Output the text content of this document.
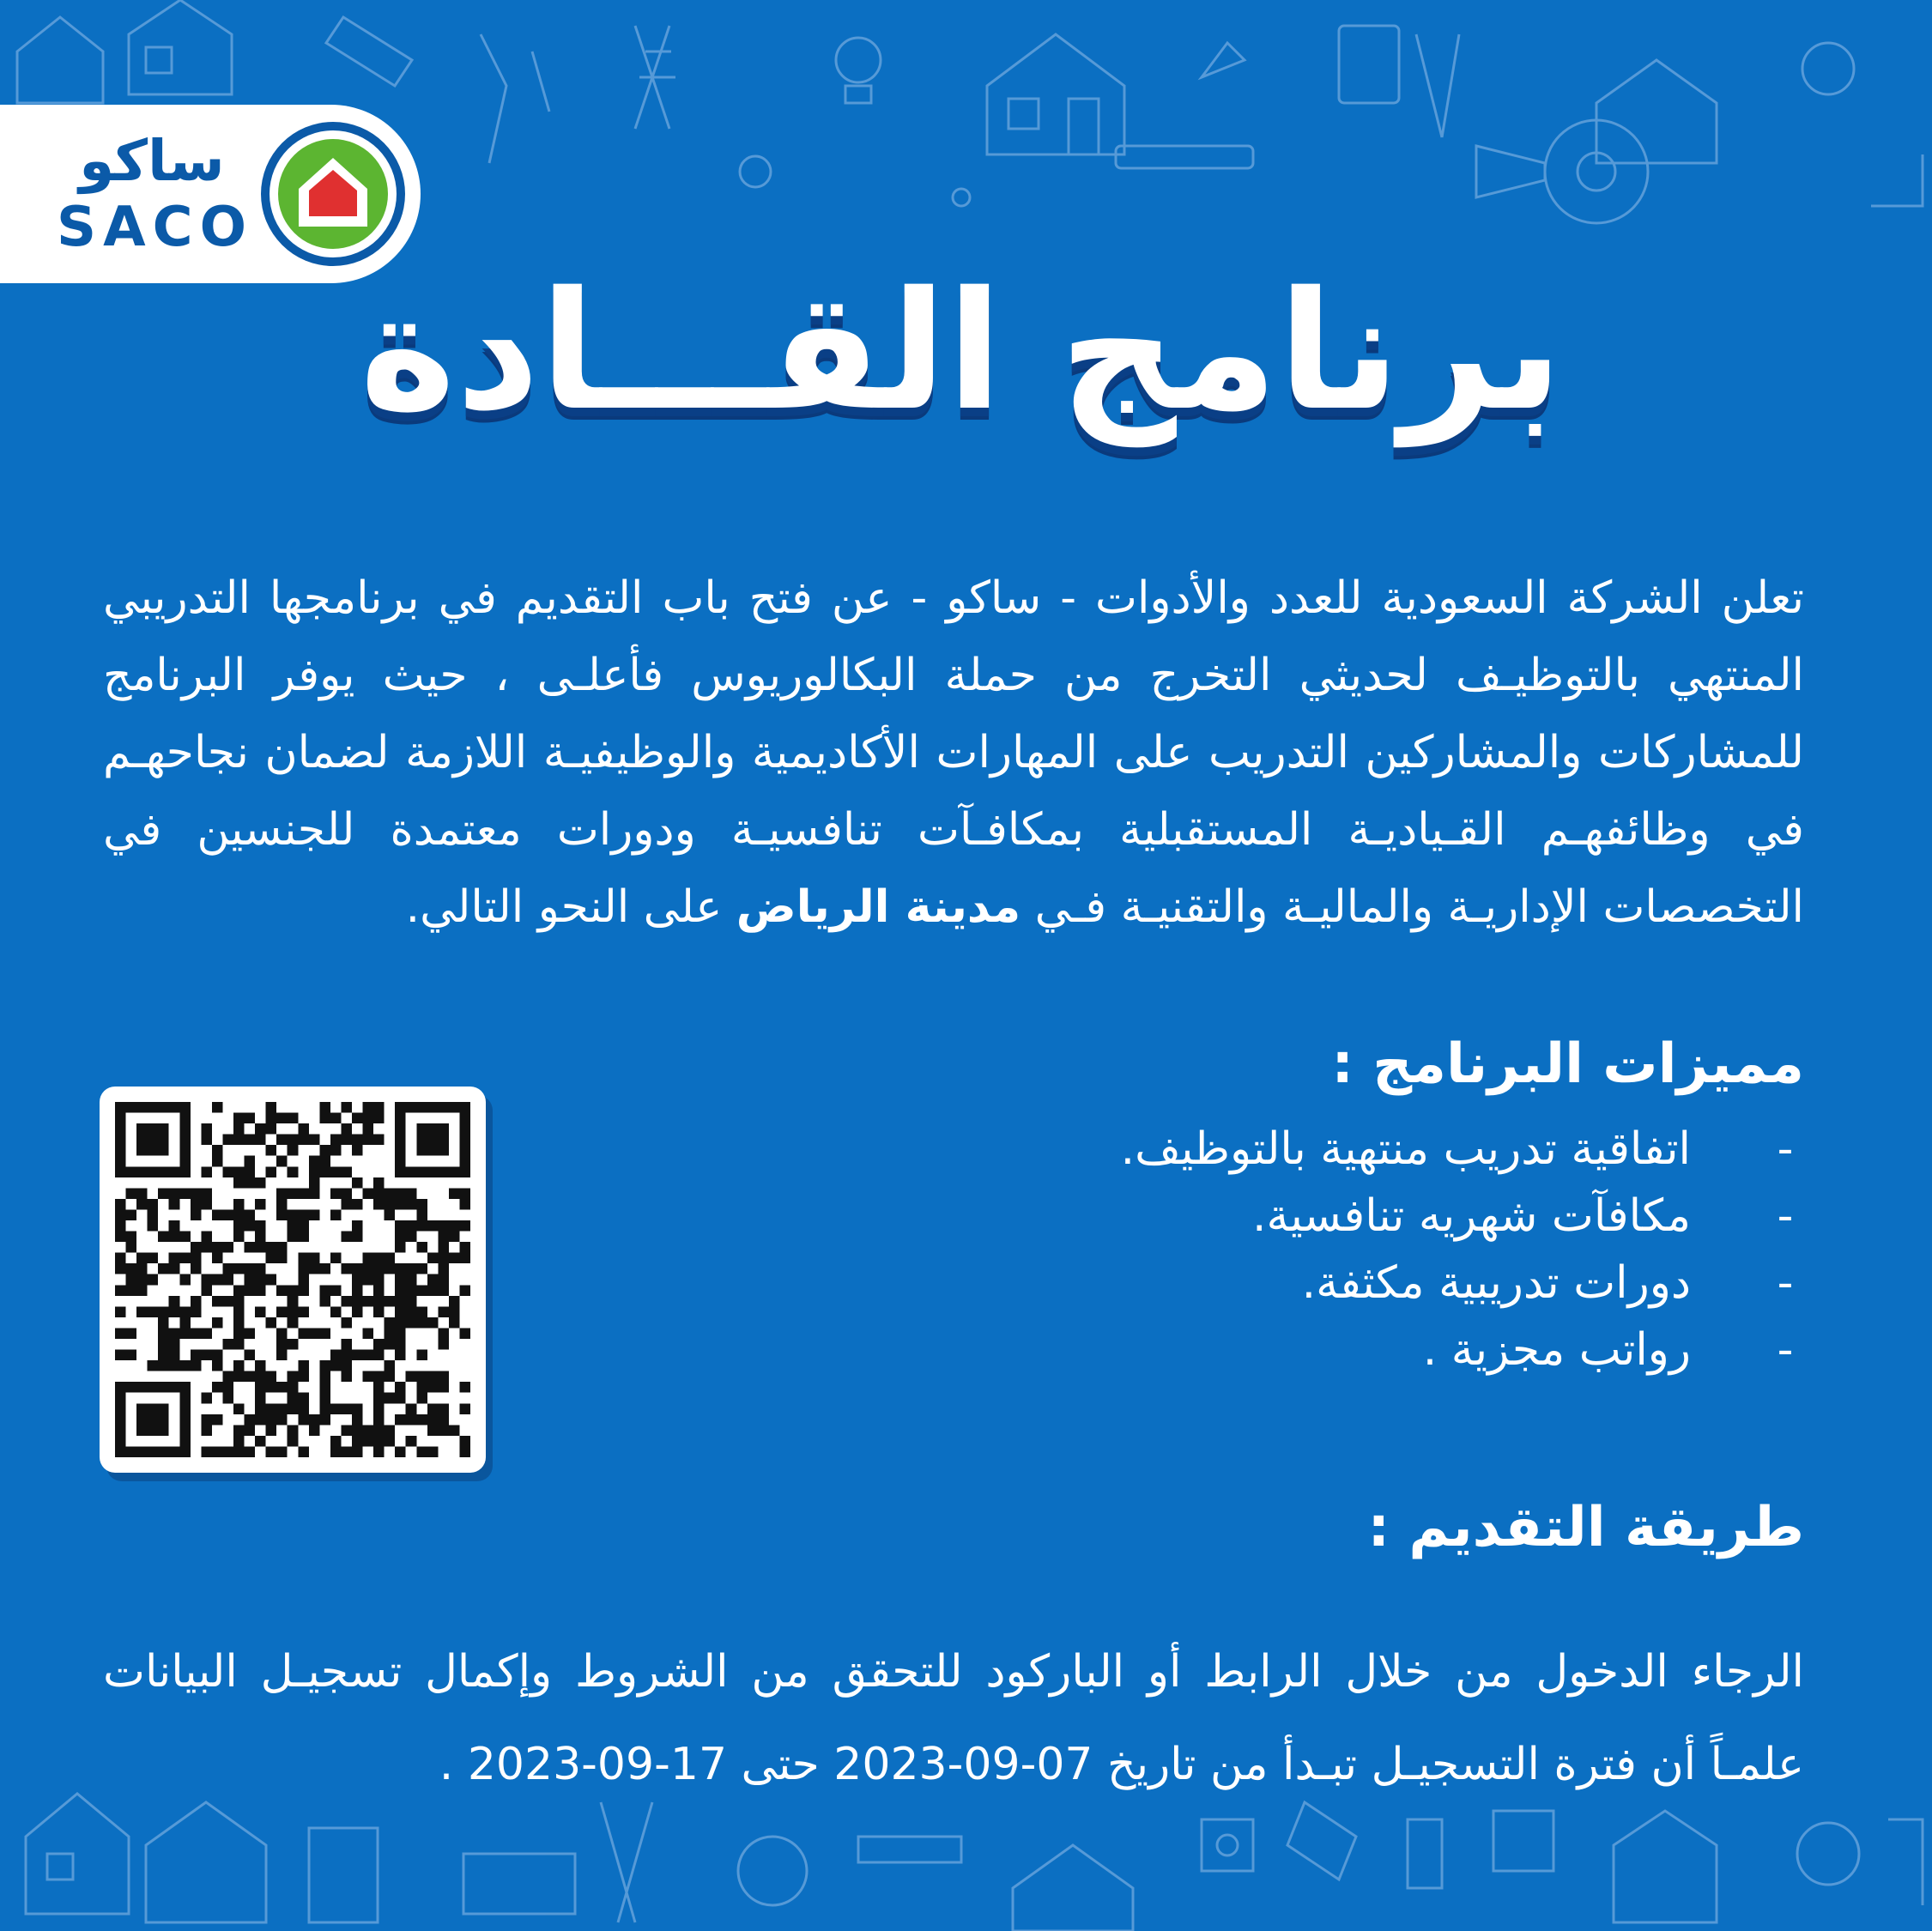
ساكو
SACO
برنامج القـــادة

تعلن الشركة السعودية للعدد والأدوات - ساكو - عن فتح باب التقديم في برنامجها التدريبي المنتهي بالتوظيـف لحديثي التخرج من حملة البكالوريوس فأعلـى ، حيث يوفر البرنامج للمشاركات والمشاركين التدريب على المهارات الأكاديمية والوظيفيـة اللازمة لضمان نجاحهـم في وظائفهـم القـياديـة المستقبلية بمكافـآت تنافسيـة ودورات معتمدة للجنسين في التخصصات الإداريـة والماليـة والتقنيـة فـي مدينة الرياض على النحو التالي.

مميزات البرنامج :
-
اتفاقية تدريب منتهية بالتوظيف.
-
مكافآت شهريه تنافسية.
-
دورات تدريبية مكثفة.
-
رواتب مجزية .
طريقة التقديم :

الرجاء الدخول من خلال الرابط أو الباركود للتحقق من الشروط وإكمال تسجيـل البيانات علمـاً أن فترة التسجيـل تبـدأ من تاريخ 07-09-2023 حتى 17-09-2023 .
